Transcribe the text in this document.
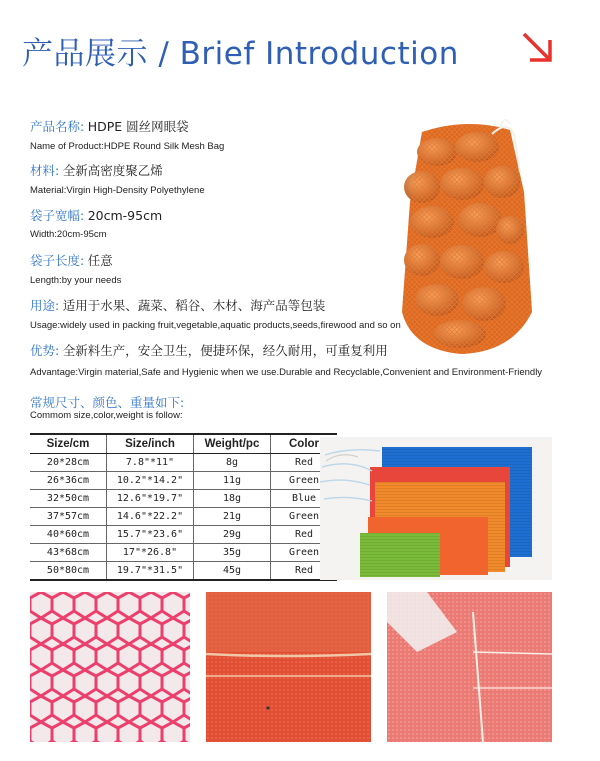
产品展示 / Brief Introduction
产品名称: HDPE 圆丝网眼袋
Name of Product:HDPE Round Silk Mesh Bag
材料: 全新高密度聚乙烯
Material:Virgin High-Density Polyethylene
袋子宽幅: 20cm-95cm
Width:20cm-95cm
袋子长度: 任意
Length:by your needs
用途: 适用于水果、蔬菜、稻谷、木材、海产品等包装
Usage:widely used in packing fruit,vegetable,aquatic products,seeds,firewood and so on
优势: 全新料生产，安全卫生，便捷环保，经久耐用，可重复利用
Advantage:Virgin material,Safe and Hygienic when we use.Durable and Recyclable,Convenient and Environment-Friendly
常规尺寸、颜色、重量如下:
Commom size,color,weight is follow:
Size/cm	Size/inch	Weight/pc	Color
20*28cm	7.8"*11"	8g	Red
26*36cm	10.2"*14.2"	11g	Green
32*50cm	12.6"*19.7"	18g	Blue
37*57cm	14.6"*22.2"	21g	Green
40*60cm	15.7"*23.6"	29g	Red
43*68cm	17"*26.8"	35g	Green
50*80cm	19.7"*31.5"	45g	Red
